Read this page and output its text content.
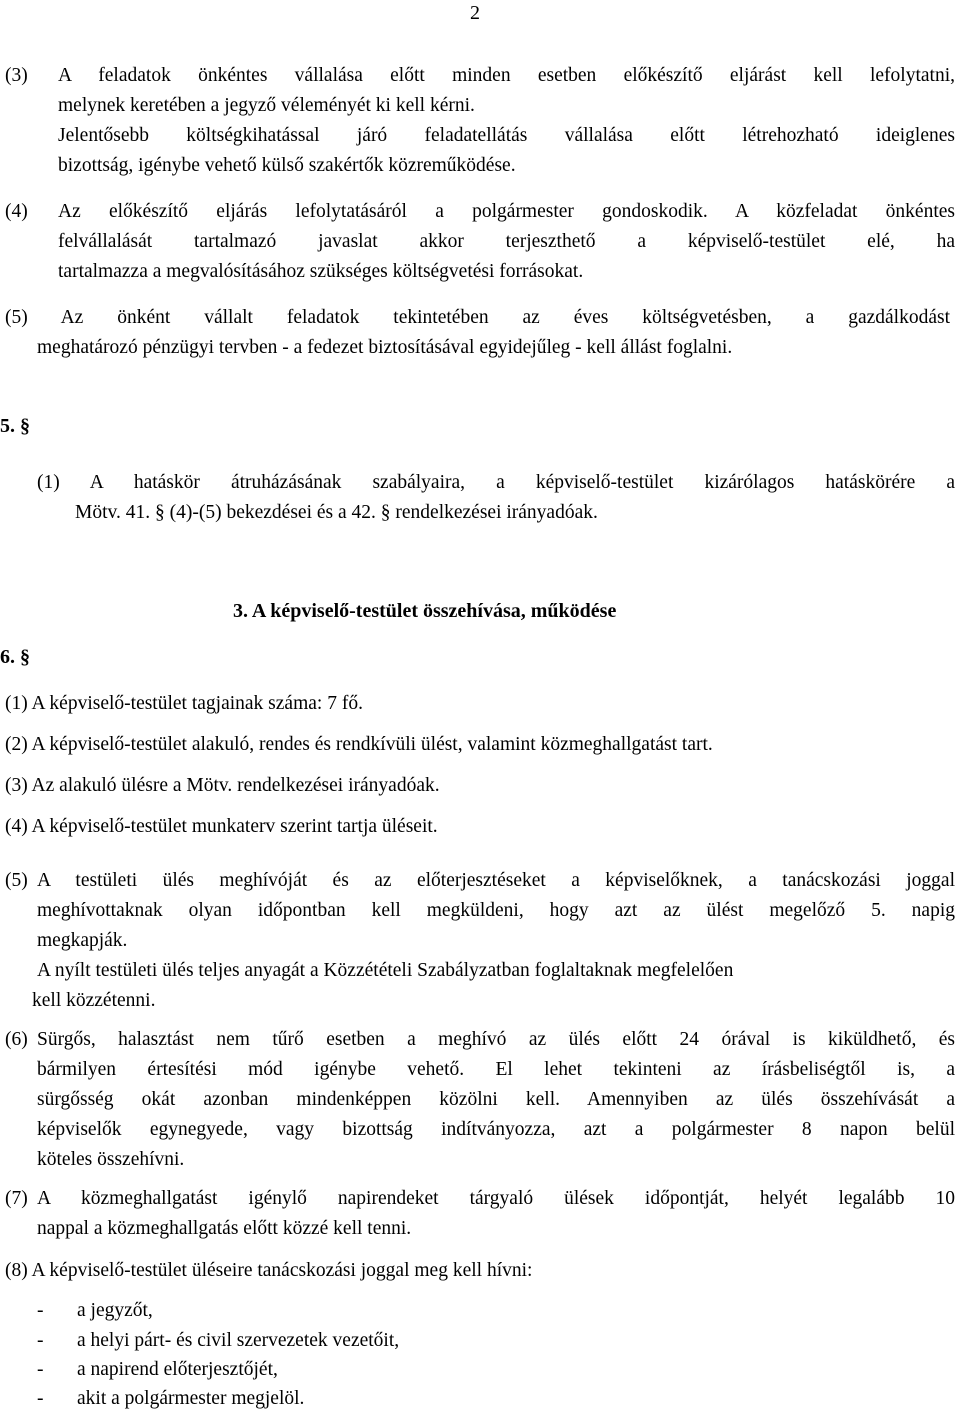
2
(3)	A feladatok önkéntes vállalása előtt minden esetben előkészítő eljárást kell lefolytatni,
melynek keretében a jegyző véleményét ki kell kérni.
Jelentősebb költségkihatással járó feladatellátás vállalása előtt létrehozható ideiglenes
bizottság, igénybe vehető külső szakértők közreműködése.
(4)	Az előkészítő eljárás lefolytatásáról a polgármester gondoskodik. A közfeladat önkéntes
felvállalását tartalmazó javaslat akkor terjeszthető a képviselő-testület elé, ha
tartalmazza a megvalósításához szükséges költségvetési forrásokat.
(5) Az önként vállalt feladatok tekintetében az éves költségvetésben, a gazdálkodást
meghatározó pénzügyi tervben - a fedezet biztosításával egyidejűleg - kell állást foglalni.
5. §
(1) A hatáskör átruházásának szabályaira, a képviselő-testület kizárólagos hatáskörére a
Mötv. 41. § (4)-(5) bekezdései és a 42. § rendelkezései irányadóak.
3. A képviselő-testület összehívása, működése
6. §
(1) A képviselő-testület tagjainak száma: 7 fő.
(2) A képviselő-testület alakuló, rendes és rendkívüli ülést, valamint közmeghallgatást tart.
(3) Az alakuló ülésre a Mötv. rendelkezései irányadóak.
(4) A képviselő-testület munkaterv szerint tartja üléseit.
(5) A testületi ülés meghívóját és az előterjesztéseket a képviselőknek, a tanácskozási joggal
meghívottaknak olyan időpontban kell megküldeni, hogy azt az ülést megelőző 5. napig
megkapják.
A nyílt testületi ülés teljes anyagát a Közzétételi Szabályzatban foglaltaknak megfelelően
kell közzétenni.
(6) Sürgős, halasztást nem tűrő esetben a meghívó az ülés előtt 24 órával is kiküldhető, és
bármilyen értesítési mód igénybe vehető. El lehet tekinteni az írásbeliségtől is, a
sürgősség okát azonban mindenképpen közölni kell. Amennyiben az ülés összehívását a
képviselők egynegyede, vagy bizottság indítványozza, azt a polgármester 8 napon belül
köteles összehívni.
(7) A közmeghallgatást igénylő napirendeket tárgyaló ülések időpontját, helyét legalább 10
nappal a közmeghallgatás előtt közzé kell tenni.
(8) A képviselő-testület üléseire tanácskozási joggal meg kell hívni:
- a jegyzőt,
- a helyi párt- és civil szervezetek vezetőit,
- a napirend előterjesztőjét,
- akit a polgármester megjelöl.
